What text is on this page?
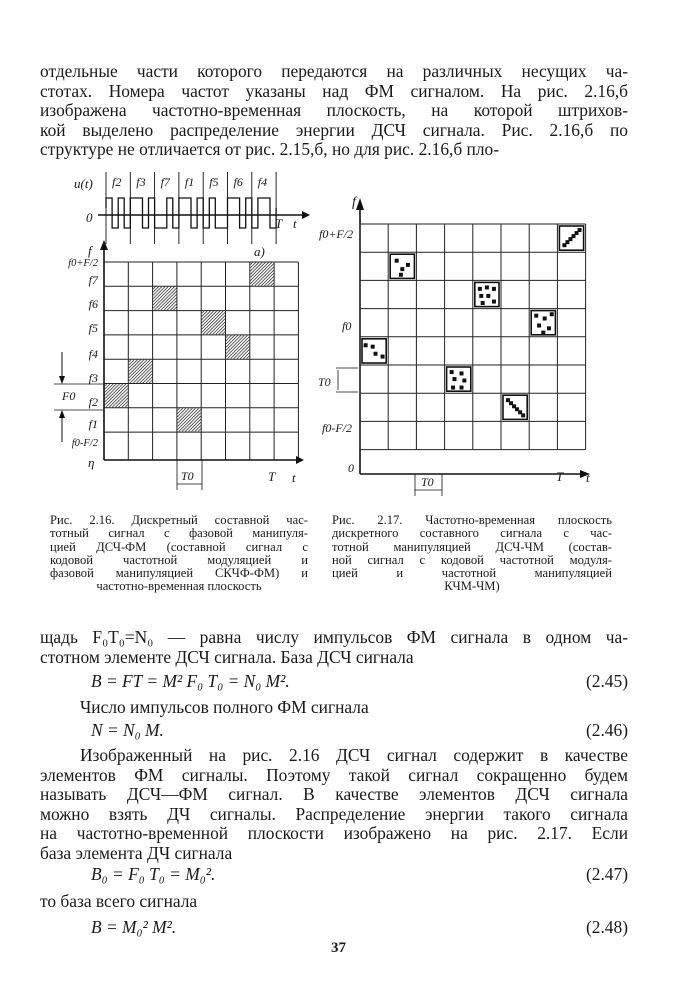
отдельные части которого передаются на различных несущих ча-
стотах. Номера частот указаны над ФМ сигналом. На рис. 2.16,б
изображена частотно-временная плоскость, на которой штрихов-
кой выделено распределение энергии ДСЧ сигнала. Рис. 2.16,б по
структуре не отличается от рис. 2.15,б, но для рис. 2.16,б пло-
u(t)
0	T t
a)
f2 f3 f7 f1 f5 f6 f4
f
T t
η
f0+F/2
f7
f6
f5
f4
f3
f2
f1
f0-F/2
F0
T0
f
T t
f0+F/2
f0
T0
f0-F/2
0
T0
Рис. 2.16. Дискретный составной час-
тотный сигнал с фазовой манипуля-
цией ДСЧ-ФМ (составной сигнал с
кодовой частотной модуляцией и
фазовой манипуляцией СКЧФ-ФМ) и
частотно-временная плоскость
Рис. 2.17. Частотно-временная плоскость
дискретного составного сигнала с час-
тотной манипуляцией ДСЧ-ЧМ (состав-
ной сигнал с кодовой частотной модуля-
цией и частотной манипуляцией
КЧМ-ЧМ)
щадь F₀T₀=N₀ — равна числу импульсов ФМ сигнала в одном ча-
стотном элементе ДСЧ сигнала. База ДСЧ сигнала
B = FT = M² F₀ T₀ = N₀ M².	(2.45)
Число импульсов полного ФМ сигнала
N = N₀ M.	(2.46)
Изображенный на рис. 2.16 ДСЧ сигнал содержит в качестве
элементов ФМ сигналы. Поэтому такой сигнал сокращенно будем
называть ДСЧ—ФМ сигнал. В качестве элементов ДСЧ сигнала
можно взять ДЧ сигналы. Распределение энергии такого сигнала
на частотно-временной плоскости изображено на рис. 2.17. Если
база элемента ДЧ сигнала
B₀ = F₀ T₀ = M₀².	(2.47)
то база всего сигнала
B = M₀² M².	(2.48)
37
